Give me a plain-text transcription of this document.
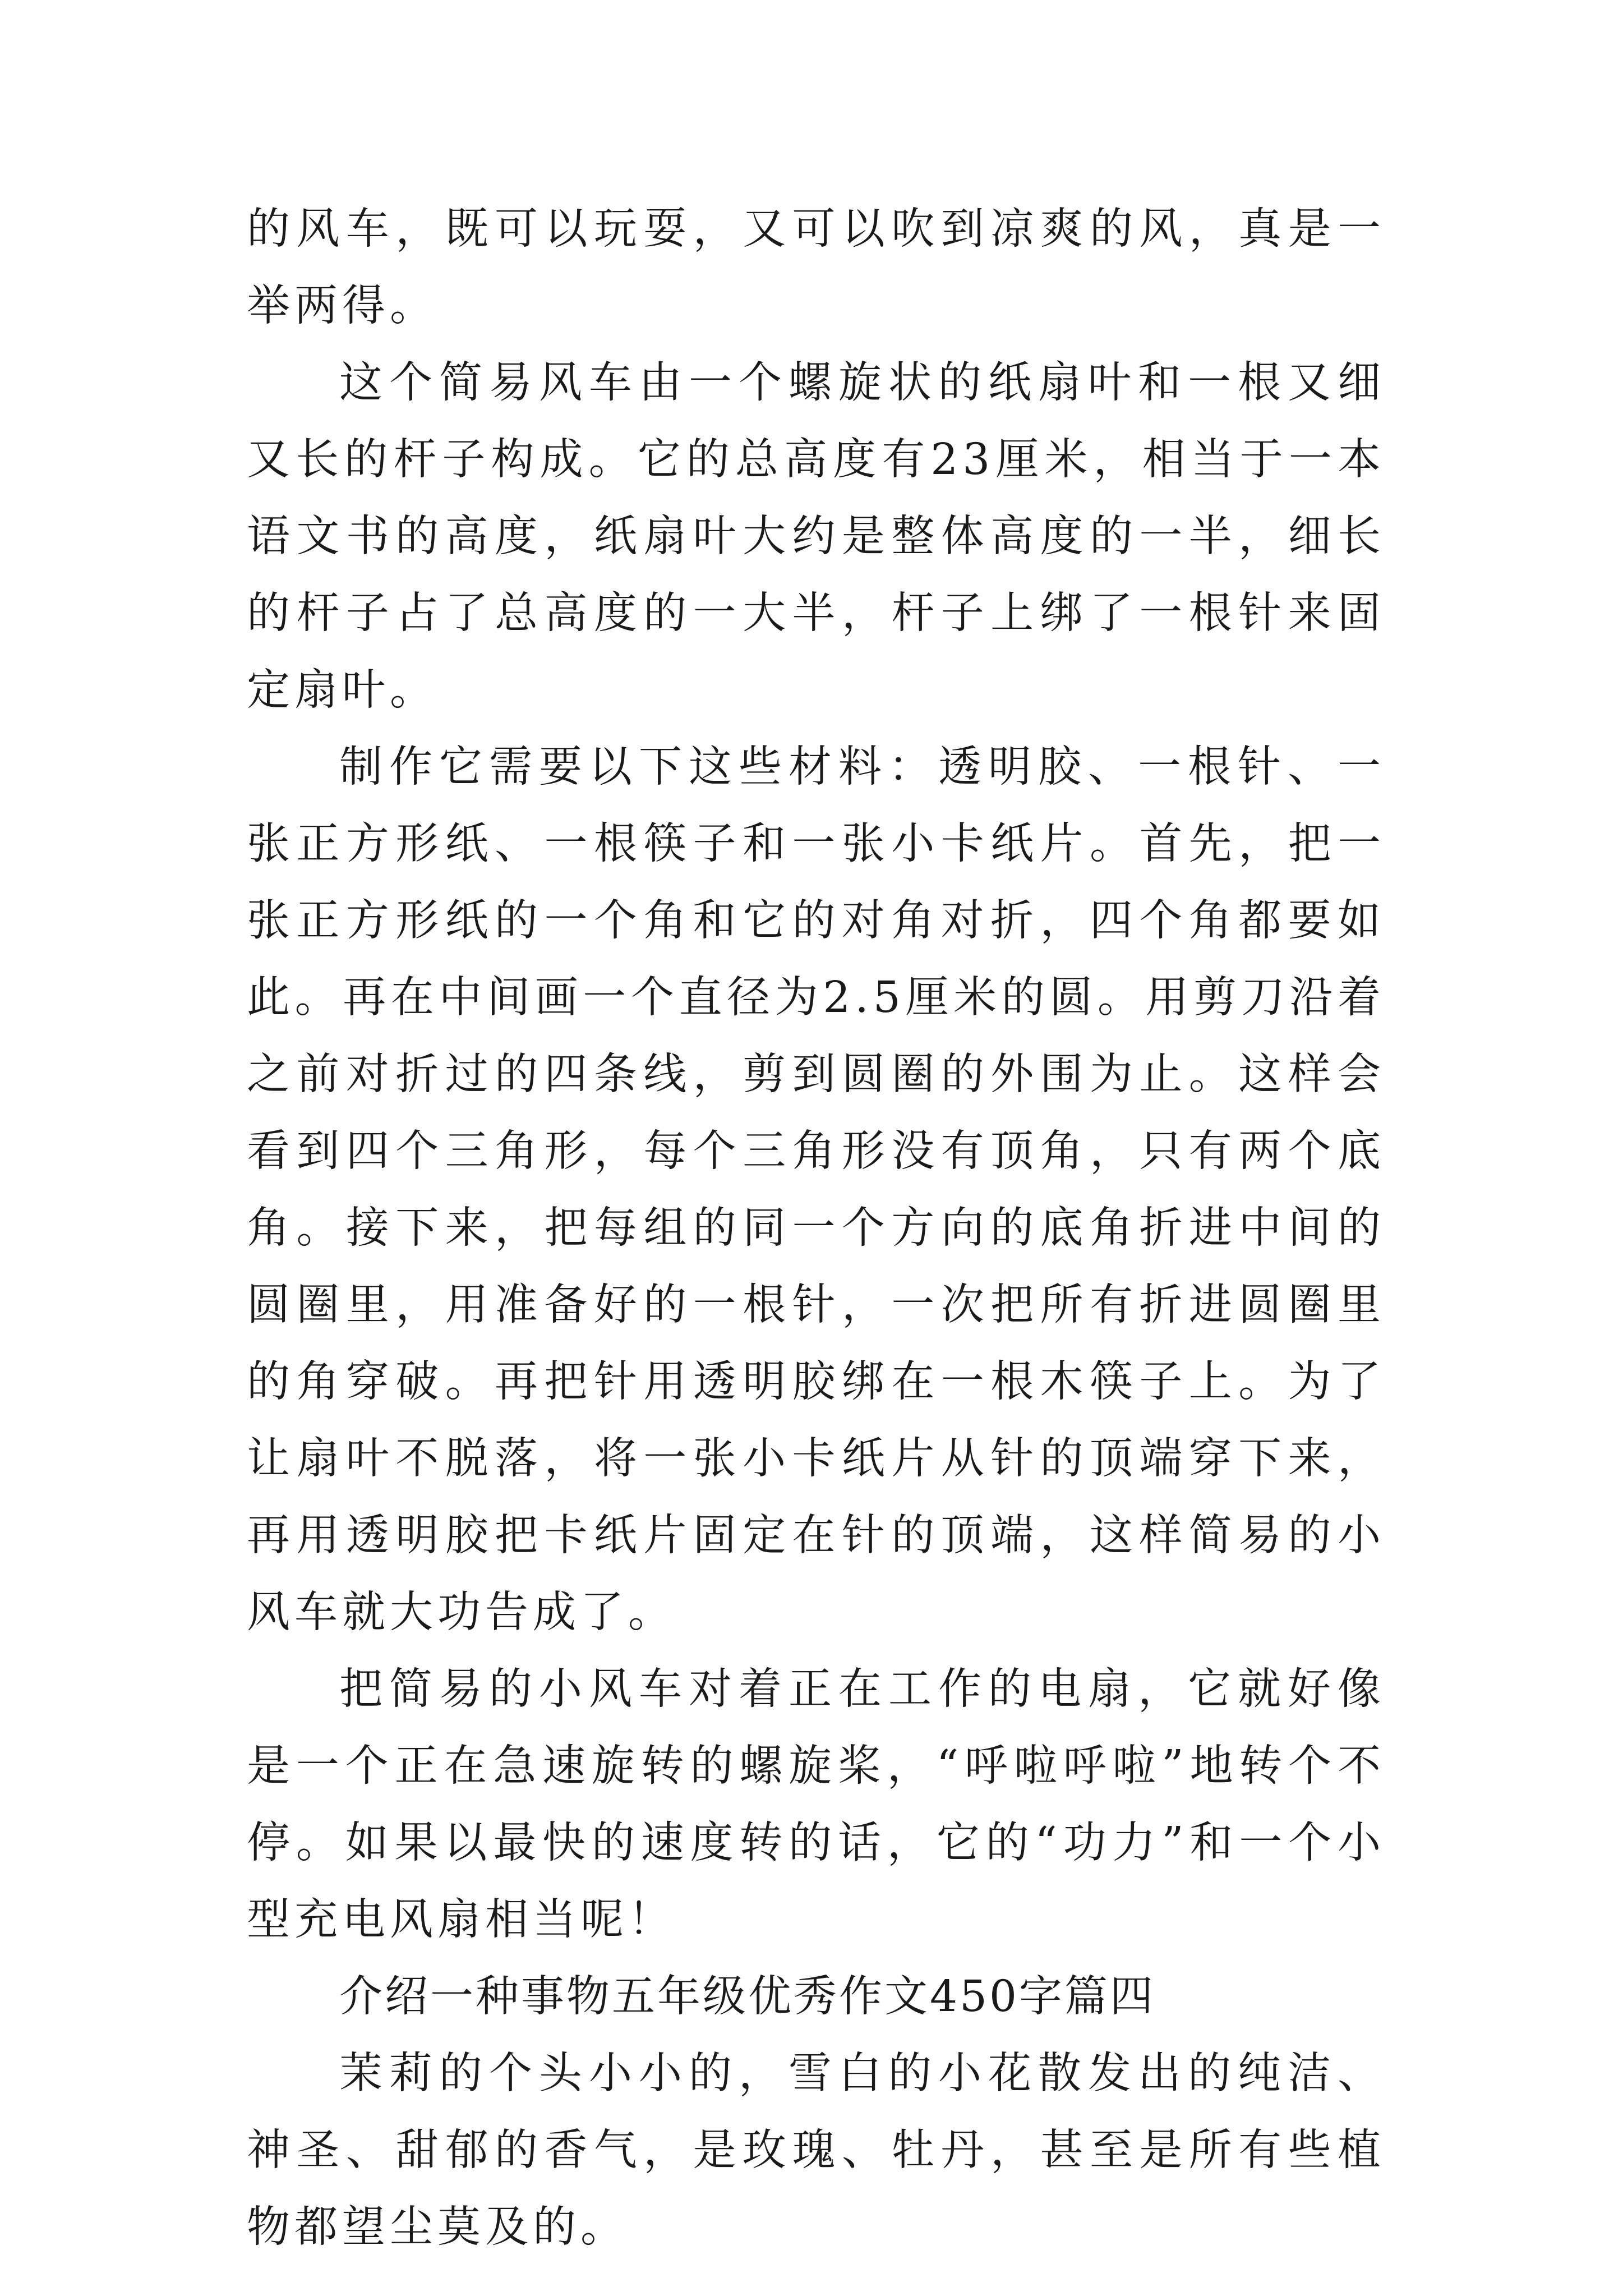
的风车，既可以玩耍，又可以吹到凉爽的风，真是一举两得。

这个简易风车由一个螺旋状的纸扇叶和一根又细又长的杆子构成。它的总高度有23厘米，相当于一本语文书的高度，纸扇叶大约是整体高度的一半，细长的杆子占了总高度的一大半，杆子上绑了一根针来固定扇叶。

制作它需要以下这些材料：透明胶、一根针、一张正方形纸、一根筷子和一张小卡纸片。首先，把一张正方形纸的一个角和它的对角对折，四个角都要如此。再在中间画一个直径为2.5厘米的圆。用剪刀沿着之前对折过的四条线，剪到圆圈的外围为止。这样会看到四个三角形，每个三角形没有顶角，只有两个底角。接下来，把每组的同一个方向的底角折进中间的圆圈里，用准备好的一根针，一次把所有折进圆圈里的角穿破。再把针用透明胶绑在一根木筷子上。为了让扇叶不脱落，将一张小卡纸片从针的顶端穿下来，再用透明胶把卡纸片固定在针的顶端，这样简易的小风车就大功告成了。

把简易的小风车对着正在工作的电扇，它就好像是一个正在急速旋转的螺旋桨，“呼啦呼啦”地转个不停。如果以最快的速度转的话，它的“功力”和一个小型充电风扇相当呢！

介绍一种事物五年级优秀作文450字篇四

茉莉的个头小小的，雪白的小花散发出的纯洁、神圣、甜郁的香气，是玫瑰、牡丹，甚至是所有些植物都望尘莫及的。
